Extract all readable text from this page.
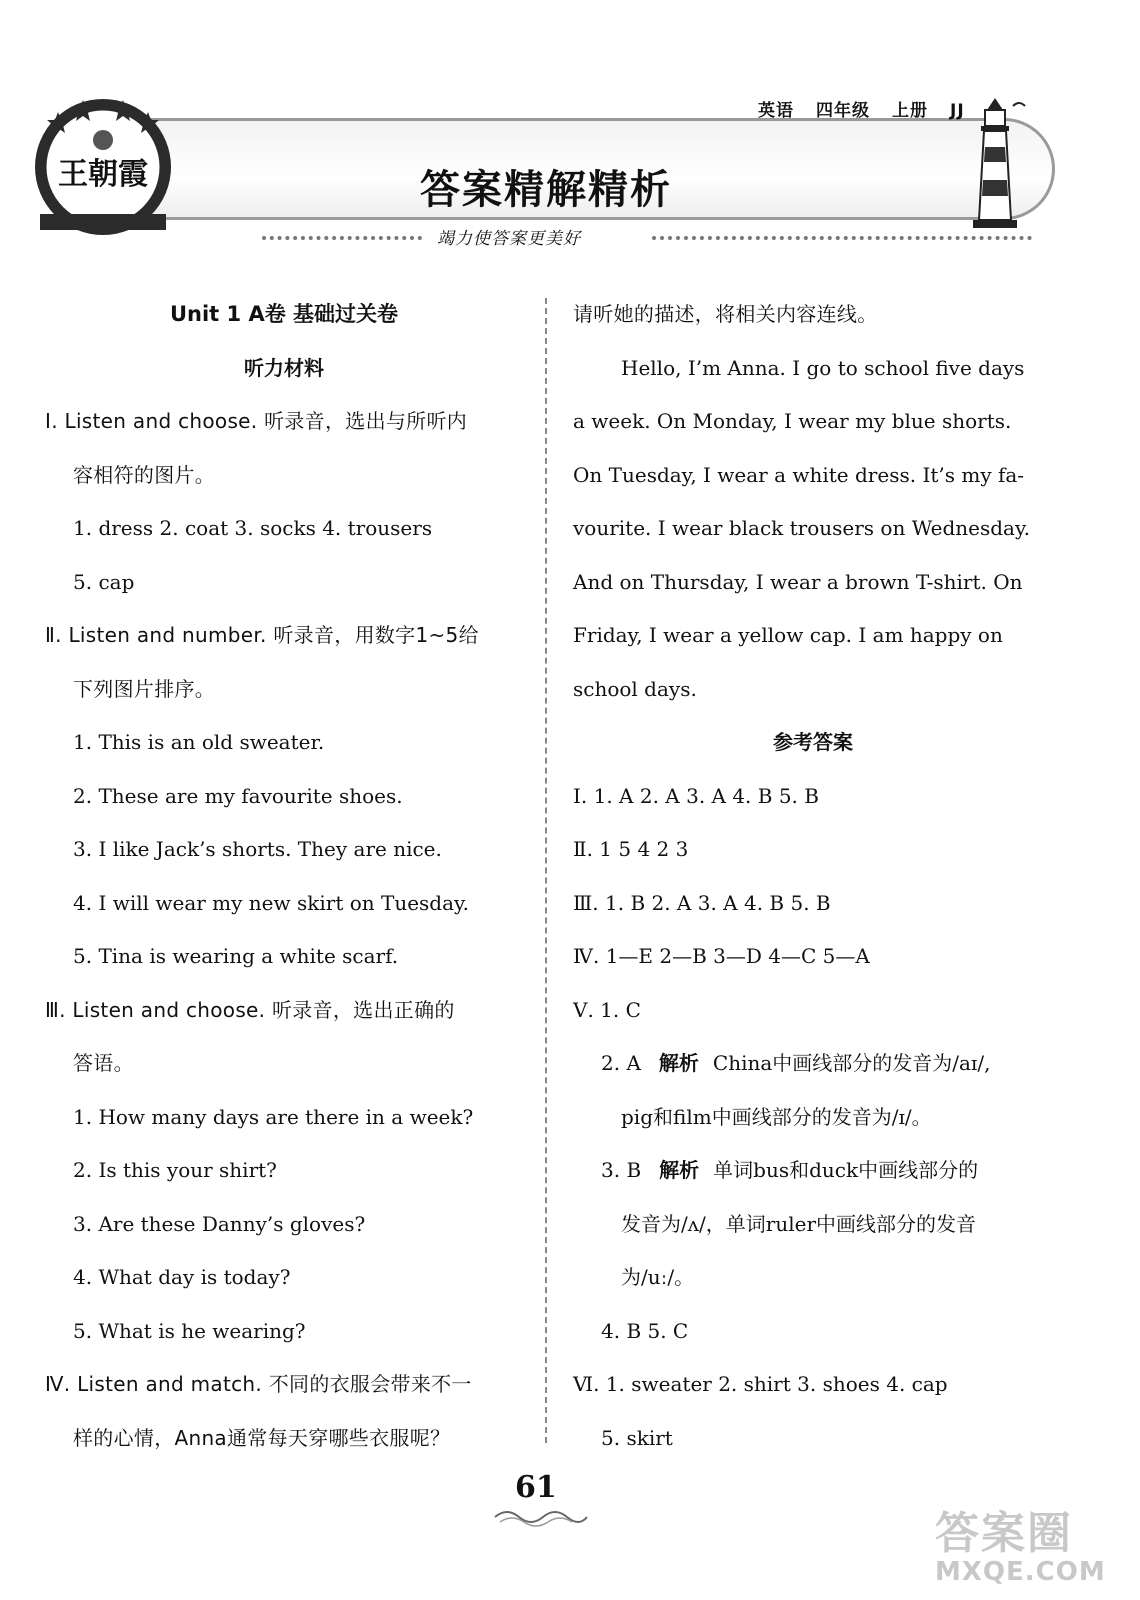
王朝霞
英语 四年级 上册 JJ
答案精解精析
竭力使答案更美好
Unit 1 A卷 基础过关卷
听力材料
Ⅰ. Listen and choose. 听录音，选出与所听内
容相符的图片。
1. dress 2. coat 3. socks 4. trousers
5. cap
Ⅱ. Listen and number. 听录音，用数字1~5给
下列图片排序。
1. This is an old sweater.
2. These are my favourite shoes.
3. I like Jack’s shorts. They are nice.
4. I will wear my new skirt on Tuesday.
5. Tina is wearing a white scarf.
Ⅲ. Listen and choose. 听录音，选出正确的
答语。
1. How many days are there in a week?
2. Is this your shirt?
3. Are these Danny’s gloves?
4. What day is today?
5. What is he wearing?
Ⅳ. Listen and match. 不同的衣服会带来不一
样的心情，Anna通常每天穿哪些衣服呢？
请听她的描述，将相关内容连线。
Hello, I’m Anna. I go to school five days
a week. On Monday, I wear my blue shorts.
On Tuesday, I wear a white dress. It’s my fa-
vourite. I wear black trousers on Wednesday.
And on Thursday, I wear a brown T-shirt. On
Friday, I wear a yellow cap. I am happy on
school days.
参考答案
Ⅰ. 1. A 2. A 3. A 4. B 5. B
Ⅱ. 1 5 4 2 3
Ⅲ. 1. B 2. A 3. A 4. B 5. B
Ⅳ. 1—E 2—B 3—D 4—C 5—A
Ⅴ. 1. C
2. A 解析 China中画线部分的发音为/aɪ/,
pig和film中画线部分的发音为/ɪ/。
3. B 解析 单词bus和duck中画线部分的
发音为/ʌ/，单词ruler中画线部分的发音
为/uː/。
4. B 5. C
Ⅵ. 1. sweater 2. shirt 3. shoes 4. cap
5. skirt
61
答案圈
MXQE.COM
